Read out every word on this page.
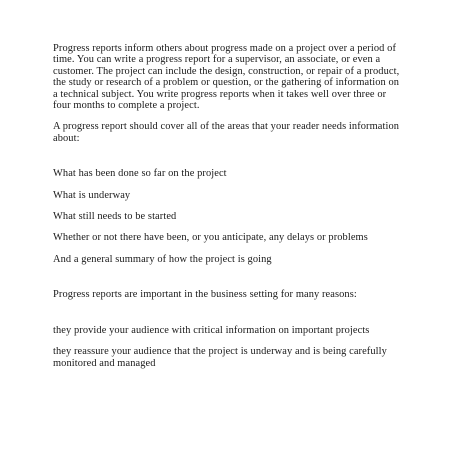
Progress reports inform others about progress made on a project over a period of time. You can write a progress report for a supervisor, an associate, or even a customer. The project can include the design, construction, or repair of a product, the study or research of a problem or question, or the gathering of information on a technical subject. You write progress reports when it takes well over three or four months to complete a project.

A progress report should cover all of the areas that your reader needs information about:

What has been done so far on the project

What is underway

What still needs to be started

Whether or not there have been, or you anticipate, any delays or problems

And a general summary of how the project is going

Progress reports are important in the business setting for many reasons:

they provide your audience with critical information on important projects

they reassure your audience that the project is underway and is being carefully monitored and managed
